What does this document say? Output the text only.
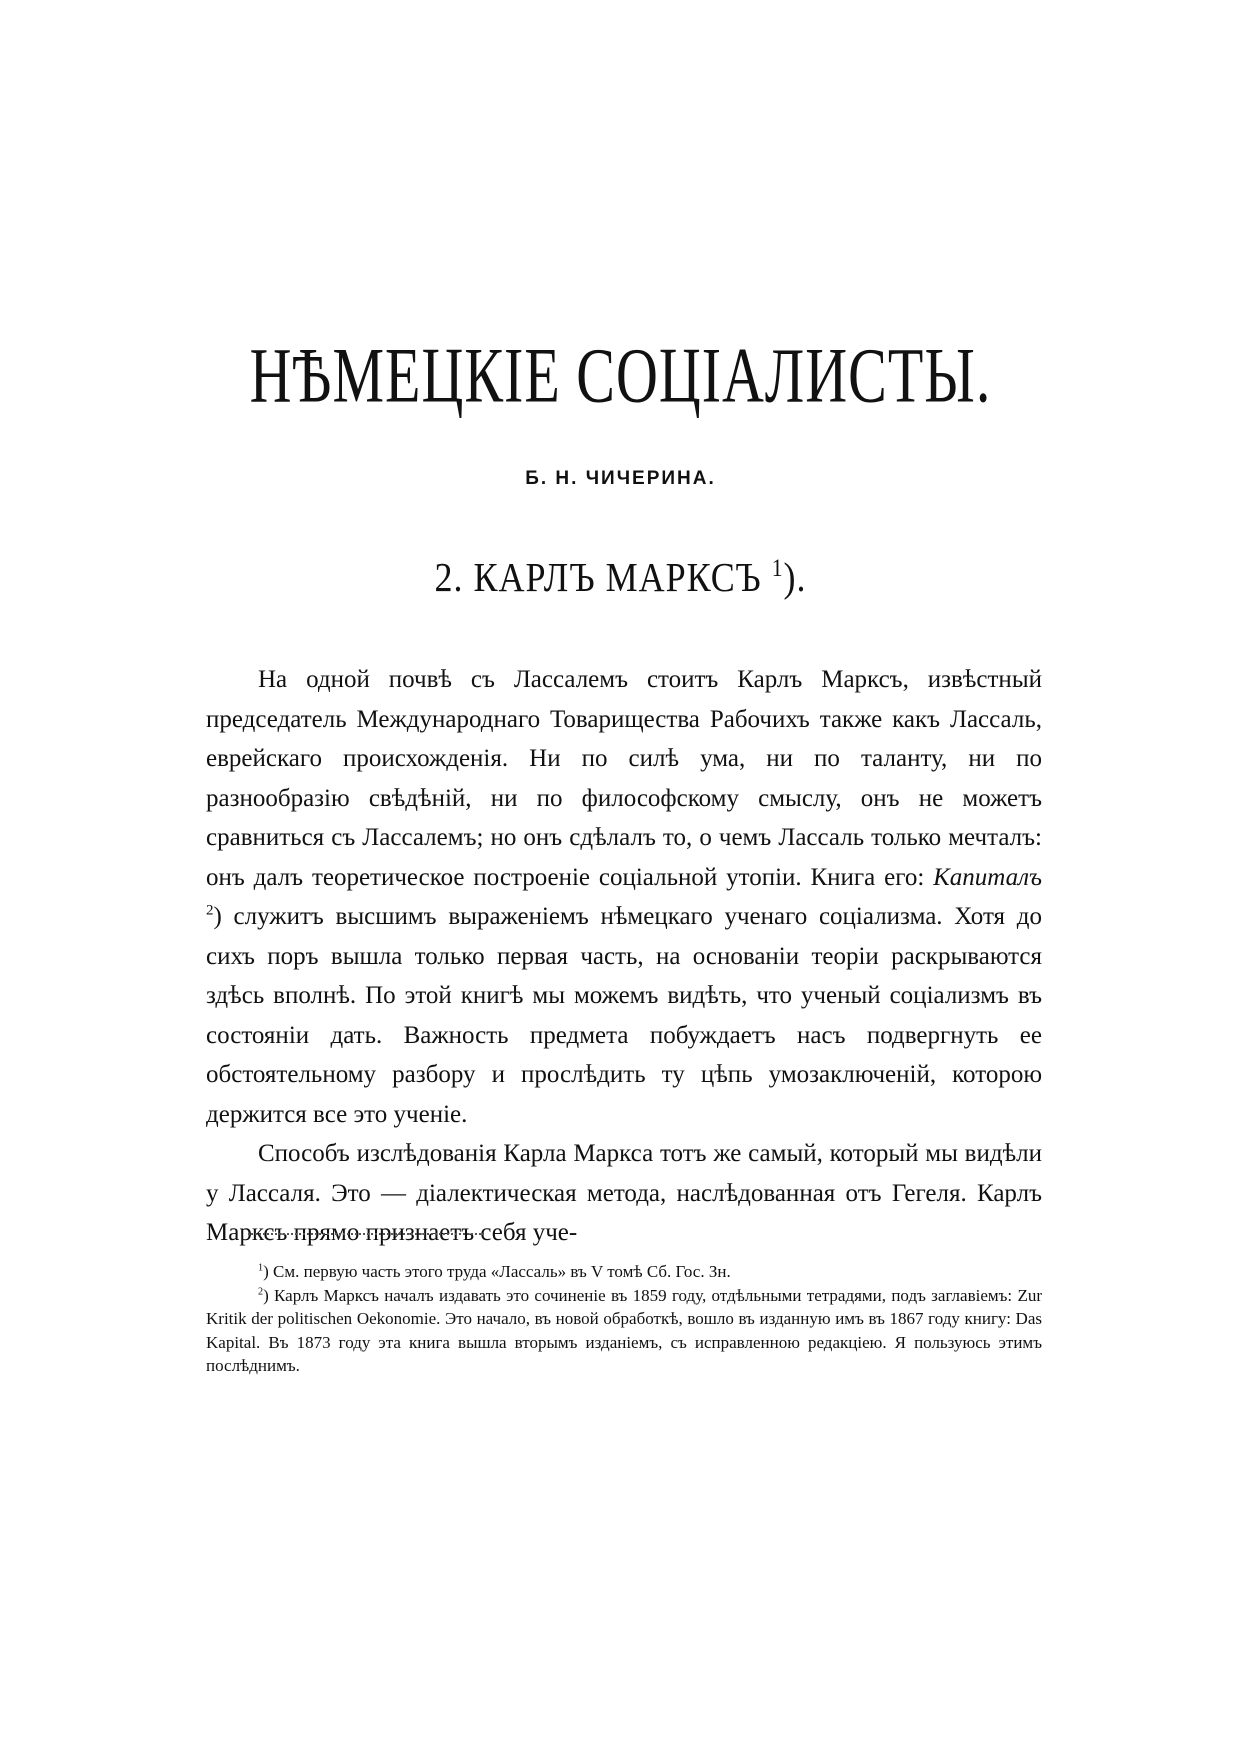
НѢМЕЦКІЕ СОЦІАЛИСТЫ.
Б. Н. ЧИЧЕРИНА.
2. КАРЛЪ МАРКСЪ $^1$).

На одной почвѣ съ Лассалемъ стоитъ Карлъ Марксъ, извѣстный председатель Международнаго Товарищества Рабочихъ также какъ Лассаль, еврейскаго происхожденія. Ни по силѣ ума, ни по таланту, ни по разнообразію свѣдѣній, ни по философскому смыслу, онъ не можетъ сравниться съ Лассалемъ; но онъ сдѣлалъ то, о чемъ Лассаль только мечталъ: онъ далъ теоретическое построеніе соціальной утопіи. Книга его: Капиталъ $^2$) служитъ высшимъ выраженіемъ нѣмецкаго ученаго соціализма. Хотя до сихъ поръ вышла только первая часть, на основаніи теоріи раскрываются здѣсь вполнѣ. По этой книгѣ мы можемъ видѣть, что ученый соціализмъ въ состояніи дать. Важность предмета побуждаетъ насъ подвергнуть ее обстоятельному разбору и прослѣдить ту цѣпь умозаключеній, которою держится все это ученіе.

Способъ изслѣдованія Карла Маркса тотъ же самый, который мы видѣли у Лассаля. Это — діалектическая метода, наслѣдованная отъ Гегеля. Карлъ Марксъ прямо признаетъ себя уче-

$^1$) См. первую часть этого труда «Лассаль» въ V томѣ Сб. Гос. Зн.

$^2$) Карлъ Марксъ началъ издавать это сочиненіе въ 1859 году, отдѣльными тетрадями, подъ заглавіемъ: Zur Kritik der politischen Oekonomie. Это начало, въ новой обработкѣ, вошло въ изданную имъ въ 1867 году книгу: Das Kapital. Въ 1873 году эта книга вышла вторымъ изданіемъ, съ исправленною редакціею. Я пользуюсь этимъ послѣднимъ.
